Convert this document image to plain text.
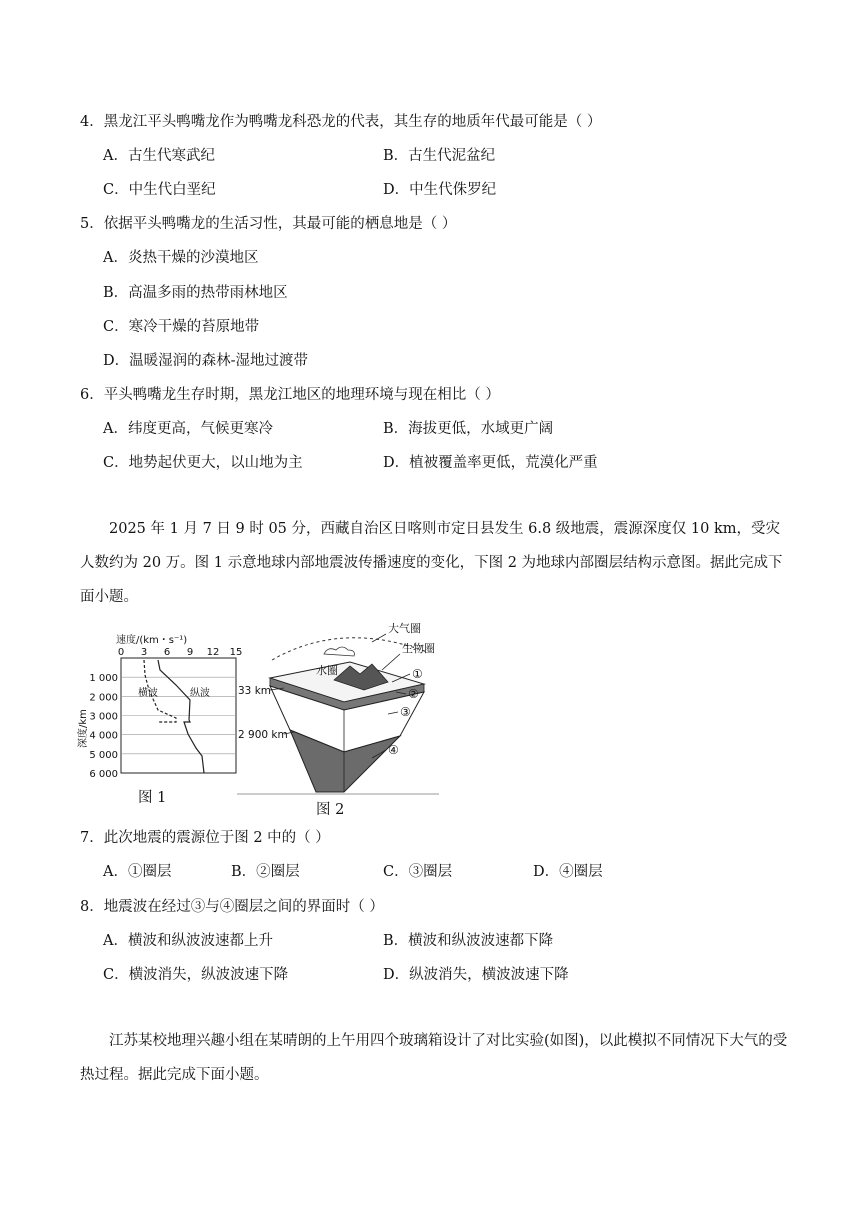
4．黑龙江平头鸭嘴龙作为鸭嘴龙科恐龙的代表，其生存的地质年代最可能是（ ）
A．古生代寒武纪	B．古生代泥盆纪
C．中生代白垩纪	D．中生代侏罗纪
5．依据平头鸭嘴龙的生活习性，其最可能的栖息地是（ ）
A．炎热干燥的沙漠地区
B．高温多雨的热带雨林地区
C．寒冷干燥的苔原地带
D．温暖湿润的森林-湿地过渡带
6．平头鸭嘴龙生存时期，黑龙江地区的地理环境与现在相比（ ）
A．纬度更高，气候更寒冷	B．海拔更低，水域更广阔
C．地势起伏更大，以山地为主	D．植被覆盖率更低，荒漠化严重
2025 年 1 月 7 日 9 时 05 分，西藏自治区日喀则市定日县发生 6.8 级地震，震源深度仅 10 km，受灾人数约为 20 万。图 1 示意地球内部地震波传播速度的变化，下图 2 为地球内部圈层结构示意图。据此完成下面小题。
速度/(km・s⁻¹)
0 3 6 9 12 15
1 000
2 000
3 000
4 000
5 000
6 000
深度/km
横波	纵波
图 1
大气圈
生物圈
水圈
33 km
2 900 km
①
②
③
④
图 2
7．此次地震的震源位于图 2 中的（ ）
A．①圈层	B．②圈层	C．③圈层	D．④圈层
8．地震波在经过③与④圈层之间的界面时（ ）
A．横波和纵波波速都上升	B．横波和纵波波速都下降
C．横波消失，纵波波速下降	D．纵波消失，横波波速下降
江苏某校地理兴趣小组在某晴朗的上午用四个玻璃箱设计了对比实验(如图)，以此模拟不同情况下大气的受热过程。据此完成下面小题。
